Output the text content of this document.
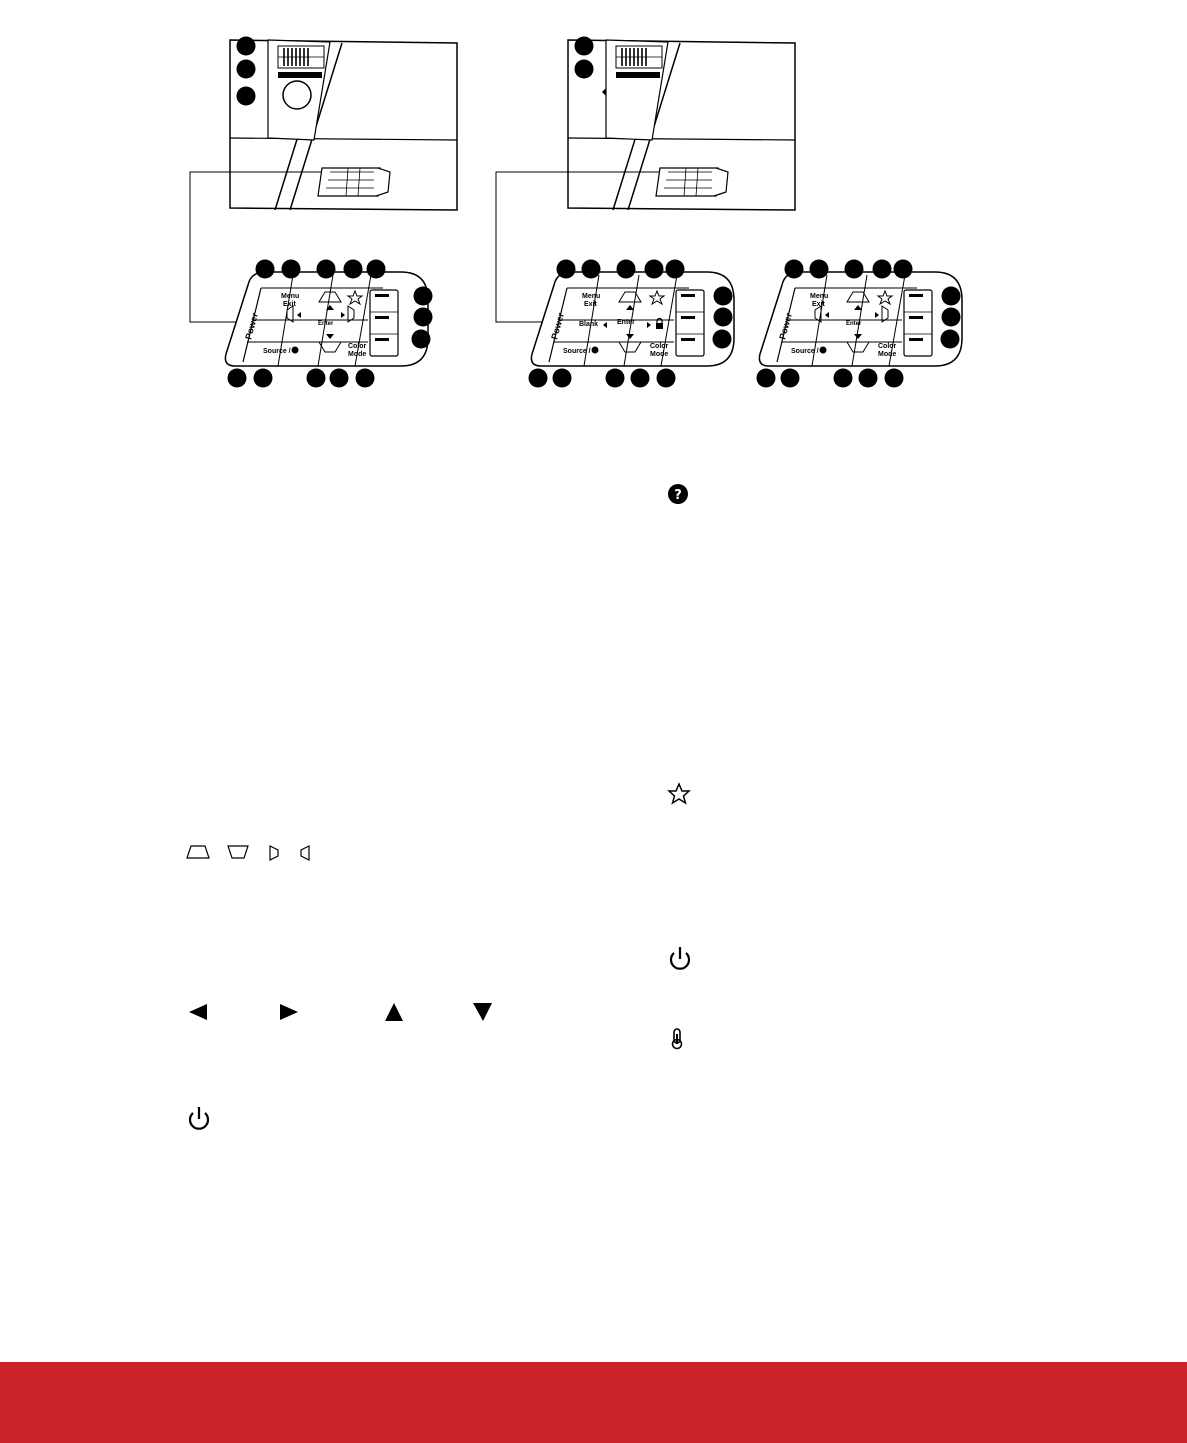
Power
Menu
Exit
Enter
Source /
Color
Mode
Power
Menu
Exit
Blank	Enter
Source /
Color
Mode
Power
Menu
Exit
Enter
Source /
Color
Mode
?
